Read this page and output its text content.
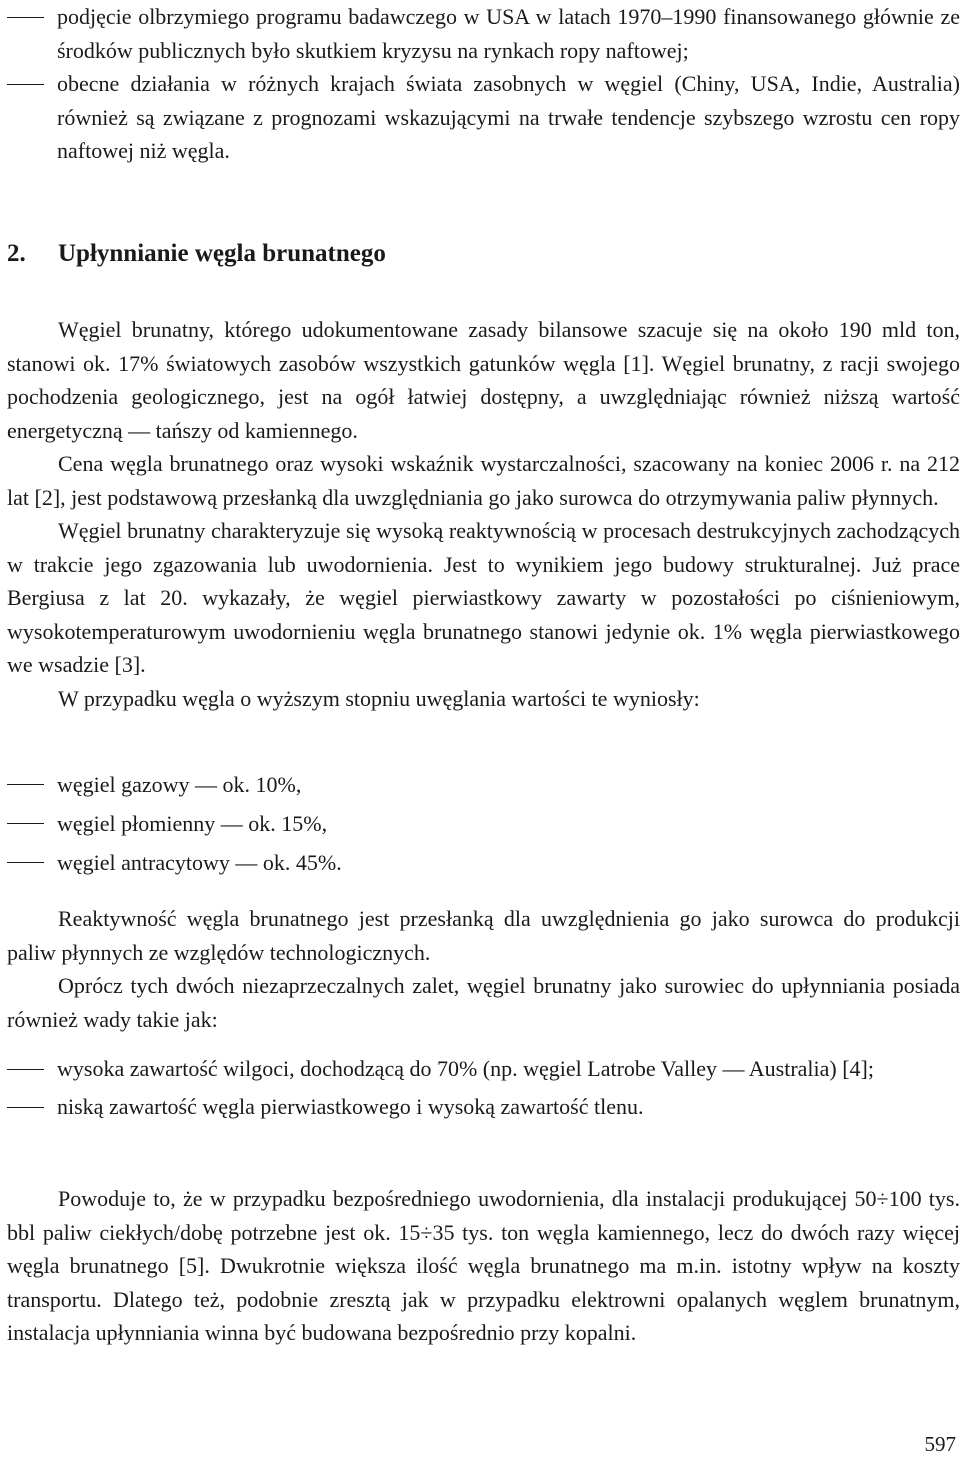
podjęcie olbrzymiego programu badawczego w USA w latach 1970–1990 finansowanego głównie ze środków publicznych było skutkiem kryzysu na rynkach ropy naftowej;
obecne działania w różnych krajach świata zasobnych w węgiel (Chiny, USA, Indie, Australia) również są związane z prognozami wskazującymi na trwałe tendencje szybszego wzrostu cen ropy naftowej niż węgla.
2. Upłynnianie węgla brunatnego

Węgiel brunatny, którego udokumentowane zasady bilansowe szacuje się na około 190 mld ton, stanowi ok. 17% światowych zasobów wszystkich gatunków węgla [1]. Węgiel brunatny, z racji swojego pochodzenia geologicznego, jest na ogół łatwiej dostępny, a uwzględniając również niższą wartość energetyczną — tańszy od kamiennego.

Cena węgla brunatnego oraz wysoki wskaźnik wystarczalności, szacowany na koniec 2006 r. na 212 lat [2], jest podstawową przesłanką dla uwzględniania go jako surowca do otrzymywania paliw płynnych.

Węgiel brunatny charakteryzuje się wysoką reaktywnością w procesach destrukcyjnych zachodzących w trakcie jego zgazowania lub uwodornienia. Jest to wynikiem jego budowy strukturalnej. Już prace Bergiusa z lat 20. wykazały, że węgiel pierwiastkowy zawarty w pozostałości po ciśnieniowym, wysokotemperaturowym uwodornieniu węgla brunatnego stanowi jedynie ok. 1% węgla pierwiastkowego we wsadzie [3].

W przypadku węgla o wyższym stopniu uwęglania wartości te wyniosły:

węgiel gazowy — ok. 10%,
węgiel płomienny — ok. 15%,
węgiel antracytowy — ok. 45%.

Reaktywność węgla brunatnego jest przesłanką dla uwzględnienia go jako surowca do produkcji paliw płynnych ze względów technologicznych.

Oprócz tych dwóch niezaprzeczalnych zalet, węgiel brunatny jako surowiec do upłynniania posiada również wady takie jak:

wysoka zawartość wilgoci, dochodzącą do 70% (np. węgiel Latrobe Valley — Australia) [4];
niską zawartość węgla pierwiastkowego i wysoką zawartość tlenu.

Powoduje to, że w przypadku bezpośredniego uwodornienia, dla instalacji produkującej 50÷100 tys. bbl paliw ciekłych/dobę potrzebne jest ok. 15÷35 tys. ton węgla kamiennego, lecz do dwóch razy więcej węgla brunatnego [5]. Dwukrotnie większa ilość węgla brunatnego ma m.in. istotny wpływ na koszty transportu. Dlatego też, podobnie zresztą jak w przypadku elektrowni opalanych węglem brunatnym, instalacja upłynniania winna być budowana bezpośrednio przy kopalni.

597
